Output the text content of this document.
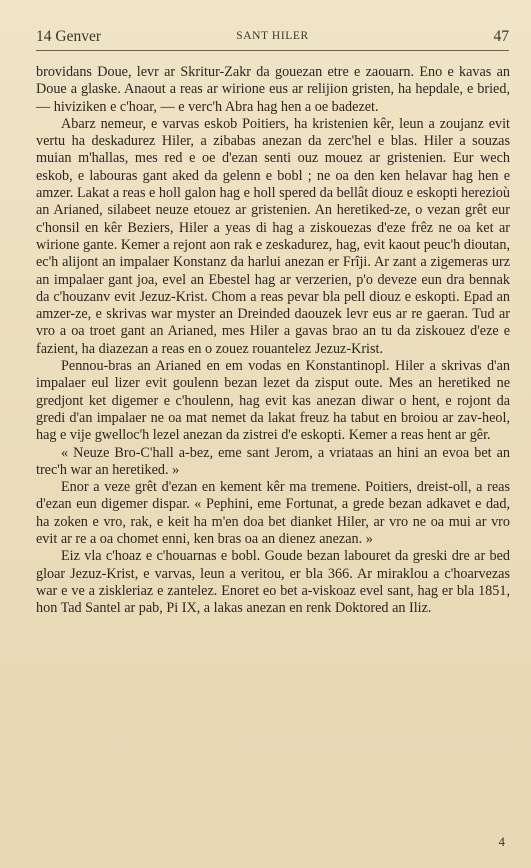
14 Genver	SANT HILER	47

brovidans Doue, levr ar Skritur-Zakr da gouezan etre e zaouarn. Eno e kavas an Doue a glaske. Anaout a reas ar wirione eus ar relijion gristen, ha hepdale, e bried, — hiviziken e c'hoar, — e verc'h Abra hag hen a oe badezet.

Abarz nemeur, e varvas eskob Poitiers, ha kristenien kêr, leun a zoujanz evit vertu ha deskadurez Hiler, a zibabas anezan da zerc'hel e blas. Hiler a souzas muian m'hallas, mes red e oe d'ezan senti ouz mouez ar gristenien. Eur wech eskob, e labouras gant aked da gelenn e bobl ; ne oa den ken helavar hag hen e amzer. Lakat a reas e holl galon hag e holl spered da bellât diouz e eskopti herezioù an Arianed, silabeet neuze etouez ar gristenien. An heretiked-ze, o vezan grêt eur c'honsil en kêr Beziers, Hiler a yeas di hag a ziskouezas d'eze frêz ne oa ket ar wirione gante. Kemer a rejont aon rak e zeskadurez, hag, evit kaout peuc'h dioutan, ec'h alijont an impalaer Konstanz da harlui anezan er Frîji. Ar zant a zigemeras urz an impalaer gant joa, evel an Ebestel hag ar verzerien, p'o deveze eun dra bennak da c'houzanv evit Jezuz-Krist. Chom a reas pevar bla pell diouz e eskopti. Epad an amzer-ze, e skrivas war myster an Dreinded daouzek levr eus ar re gaeran. Tud ar vro a oa troet gant an Arianed, mes Hiler a gavas brao an tu da ziskouez d'eze e fazient, ha diazezan a reas en o zouez rouantelez Jezuz-Krist.

Pennou-bras an Arianed en em vodas en Konstantinopl. Hiler a skrivas d'an impalaer eul lizer evit goulenn bezan lezet da zisput oute. Mes an heretiked ne gredjont ket digemer e c'houlenn, hag evit kas anezan diwar o hent, e rojont da gredi d'an impalaer ne oa mat nemet da lakat freuz ha tabut en broiou ar zav-heol, hag e vije gwelloc'h lezel anezan da zistrei d'e eskopti. Kemer a reas hent ar gêr.

« Neuze Bro-C'hall a-bez, eme sant Jerom, a vriataas an hini an evoa bet an trec'h war an heretiked. »

Enor a veze grêt d'ezan en kement kêr ma tremene. Poitiers, dreist-oll, a reas d'ezan eun digemer dispar. « Pephini, eme Fortunat, a grede bezan adkavet e dad, ha zoken e vro, rak, e keit ha m'en doa bet dianket Hiler, ar vro ne oa mui ar vro evit ar re a oa chomet enni, ken bras oa an dienez anezan. »

Eiz vla c'hoaz e c'houarnas e bobl. Goude bezan labouret da greski dre ar bed gloar Jezuz-Krist, e varvas, leun a veritou, er bla 366. Ar miraklou a c'hoarvezas war e ve a ziskleriaz e zantelez. Enoret eo bet a-viskoaz evel sant, hag er bla 1851, hon Tad Santel ar pab, Pi IX, a lakas anezan en renk Doktored an Iliz.

4
